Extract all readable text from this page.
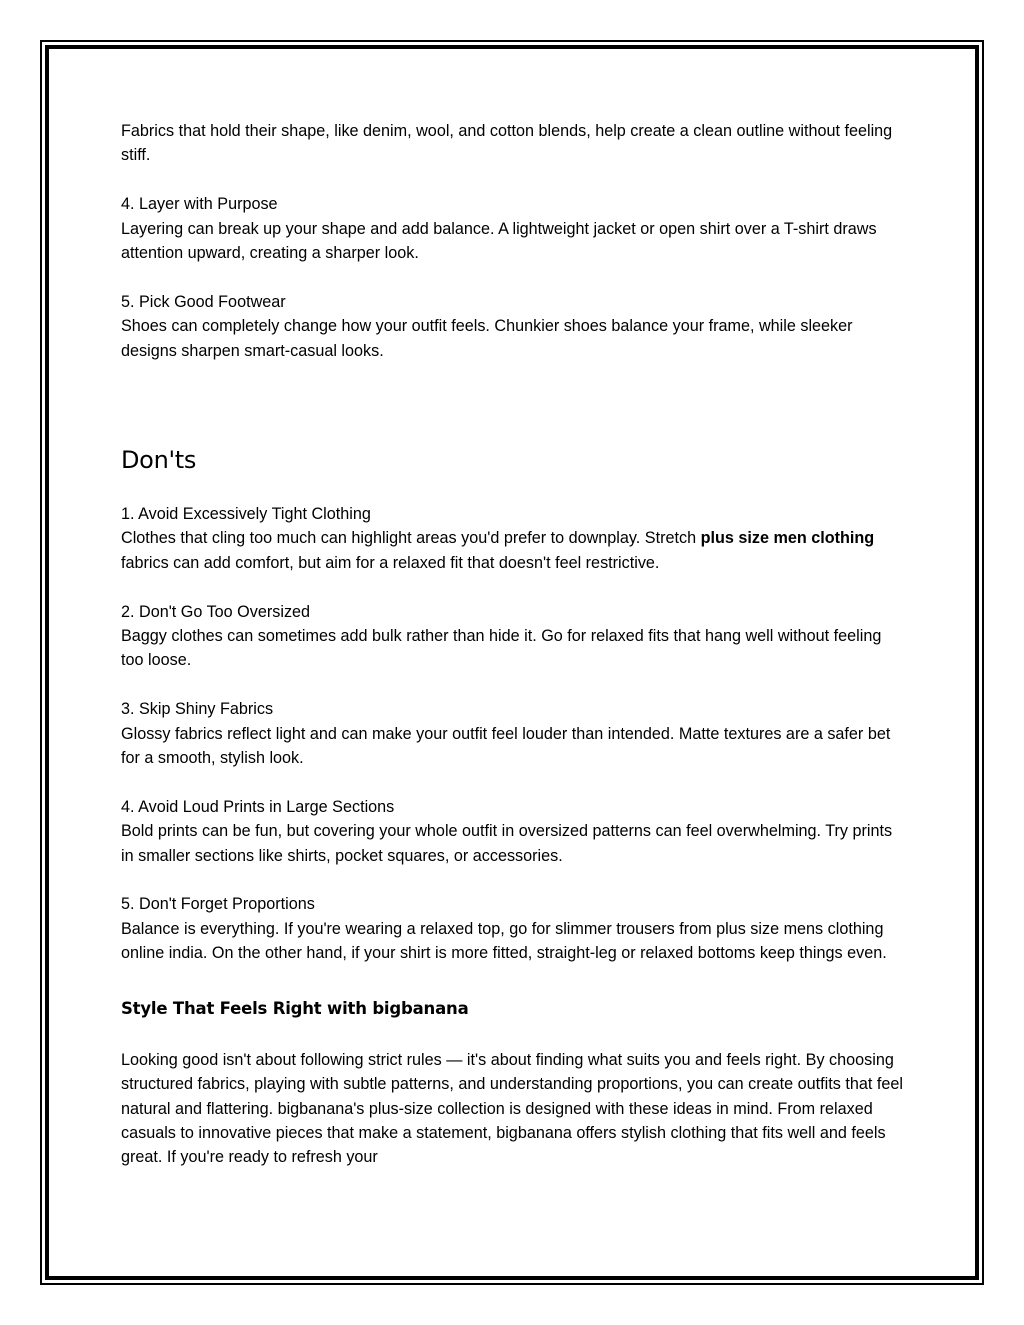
Fabrics that hold their shape, like denim, wool, and cotton blends, help create a clean outline without feeling stiff.

4. Layer with Purpose

Layering can break up your shape and add balance. A lightweight jacket or open shirt over a T-shirt draws attention upward, creating a sharper look.

5. Pick Good Footwear

Shoes can completely change how your outfit feels. Chunkier shoes balance your frame, while sleeker designs sharpen smart-casual looks.

Don'ts

1. Avoid Excessively Tight Clothing

Clothes that cling too much can highlight areas you'd prefer to downplay. Stretch plus size men clothing fabrics can add comfort, but aim for a relaxed fit that doesn't feel restrictive.

2. Don't Go Too Oversized

Baggy clothes can sometimes add bulk rather than hide it. Go for relaxed fits that hang well without feeling too loose.

3. Skip Shiny Fabrics

Glossy fabrics reflect light and can make your outfit feel louder than intended. Matte textures are a safer bet for a smooth, stylish look.

4. Avoid Loud Prints in Large Sections

Bold prints can be fun, but covering your whole outfit in oversized patterns can feel overwhelming. Try prints in smaller sections like shirts, pocket squares, or accessories.

5. Don't Forget Proportions

Balance is everything. If you're wearing a relaxed top, go for slimmer trousers from plus size mens clothing online india. On the other hand, if your shirt is more fitted, straight-leg or relaxed bottoms keep things even.

Style That Feels Right with bigbanana

Looking good isn't about following strict rules — it's about finding what suits you and feels right. By choosing structured fabrics, playing with subtle patterns, and understanding proportions, you can create outfits that feel natural and flattering. bigbanana's plus-size collection is designed with these ideas in mind. From relaxed casuals to innovative pieces that make a statement, bigbanana offers stylish clothing that fits well and feels great. If you're ready to refresh your
